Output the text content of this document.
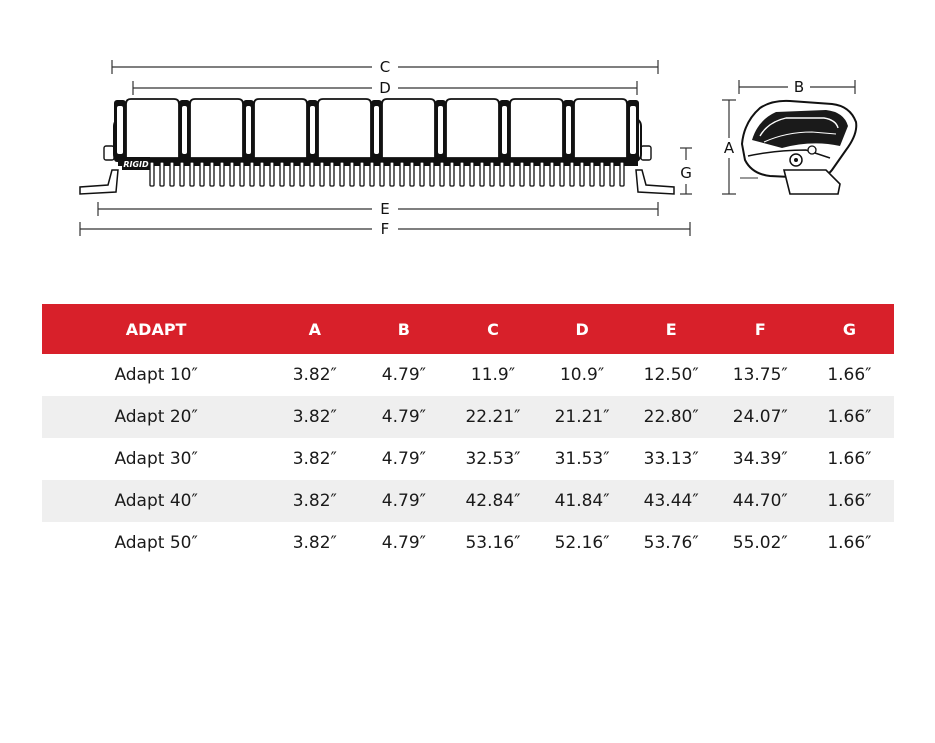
C
D
RIGID	G
E
F
B
A
ADAPT	A	B	C	D	E	F	G
Adapt 10″	3.82″	4.79″	11.9″	10.9″	12.50″	13.75″	1.66″
Adapt 20″	3.82″	4.79″	22.21″	21.21″	22.80″	24.07″	1.66″
Adapt 30″	3.82″	4.79″	32.53″	31.53″	33.13″	34.39″	1.66″
Adapt 40″	3.82″	4.79″	42.84″	41.84″	43.44″	44.70″	1.66″
Adapt 50″	3.82″	4.79″	53.16″	52.16″	53.76″	55.02″	1.66″
